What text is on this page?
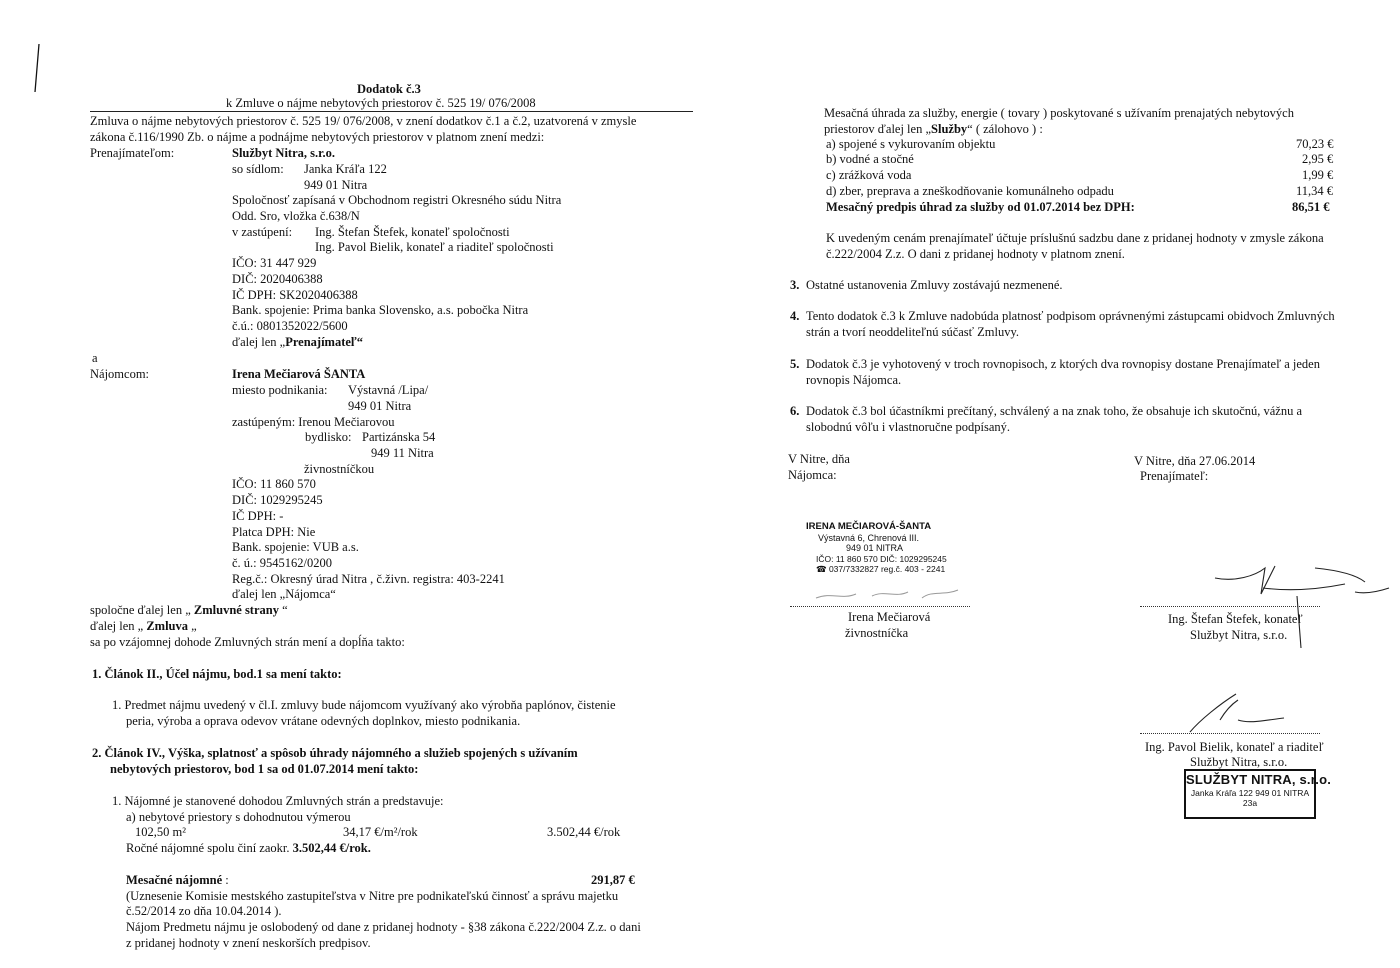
Dodatok č.3
k Zmluve o nájme nebytových priestorov č. 525 19/ 076/2008
Zmluva o nájme nebytových priestorov č. 525 19/ 076/2008, v znení dodatkov č.1 a č.2, uzatvorená v zmysle
zákona č.116/1990 Zb. o nájme a podnájme nebytových priestorov v platnom znení medzi:
Prenajímateľom:	Službyt Nitra, s.r.o.
so sídlom: Janka Kráľa 122
949 01 Nitra
Spoločnosť zapísaná v Obchodnom registri Okresného súdu Nitra
Odd. Sro, vložka č.638/N
v zastúpení: Ing. Štefan Štefek, konateľ spoločnosti
Ing. Pavol Bielik, konateľ a riaditeľ spoločnosti
IČO: 31 447 929
DIČ: 2020406388
IČ DPH: SK2020406388
Bank. spojenie: Prima banka Slovensko, a.s. pobočka Nitra
č.ú.: 0801352022/5600
ďalej len „Prenajímateľ“
a
Nájomcom:	Irena Mečiarová ŠANTA
miesto podnikania: Výstavná /Lipa/
949 01 Nitra
zastúpeným: Irenou Mečiarovou
bydlisko: Partizánska 54
949 11 Nitra
živnostníčkou
IČO: 11 860 570
DIČ: 1029295245
IČ DPH: -
Platca DPH: Nie
Bank. spojenie: VUB a.s.
č. ú.: 9545162/0200
Reg.č.: Okresný úrad Nitra , č.živn. registra: 403-2241
ďalej len „Nájomca“
spoločne ďalej len „ Zmluvné strany “
ďalej len „ Zmluva „
sa po vzájomnej dohode Zmluvných strán mení a dopĺňa takto:
1. Článok II., Účel nájmu, bod.1 sa mení takto:
1. Predmet nájmu uvedený v čl.I. zmluvy bude nájomcom využívaný ako výrobňa paplónov, čistenie
peria, výroba a oprava odevov vrátane odevných doplnkov, miesto podnikania.
2. Článok IV., Výška, splatnosť a spôsob úhrady nájomného a služieb spojených s užívaním
nebytových priestorov, bod 1 sa od 01.07.2014 mení takto:
1. Nájomné je stanovené dohodou Zmluvných strán a predstavuje:
a) nebytové priestory s dohodnutou výmerou
102,50 m²	34,17 €/m²/rok	3.502,44 €/rok
Ročné nájomné spolu činí zaokr. 3.502,44 €/rok.
Mesačné nájomné :	291,87 €
(Uznesenie Komisie mestského zastupiteľstva v Nitre pre podnikateľskú činnosť a správu majetku
č.52/2014 zo dňa 10.04.2014 ).
Nájom Predmetu nájmu je oslobodený od dane z pridanej hodnoty - §38 zákona č.222/2004 Z.z. o dani
z pridanej hodnoty v znení neskorších predpisov.
Mesačná úhrada za služby, energie ( tovary ) poskytované s užívaním prenajatých nebytových
priestorov ďalej len „Služby“ ( zálohovo ) :
a) spojené s vykurovaním objektu	70,23 €
b) vodné a stočné	2,95 €
c) zrážková voda	1,99 €
d) zber, preprava a zneškodňovanie komunálneho odpadu	11,34 €
Mesačný predpis úhrad za služby od 01.07.2014 bez DPH:	86,51 €
K uvedeným cenám prenajímateľ účtuje príslušnú sadzbu dane z pridanej hodnoty v zmysle zákona
č.222/2004 Z.z. O dani z pridanej hodnoty v platnom znení.
3. Ostatné ustanovenia Zmluvy zostávajú nezmenené.
4. Tento dodatok č.3 k Zmluve nadobúda platnosť podpisom oprávnenými zástupcami obidvoch Zmluvných
strán a tvorí neoddeliteľnú súčasť Zmluvy.
5. Dodatok č.3 je vyhotovený v troch rovnopisoch, z ktorých dva rovnopisy dostane Prenajímateľ a jeden
rovnopis Nájomca.
6. Dodatok č.3 bol účastníkmi prečítaný, schválený a na znak toho, že obsahuje ich skutočnú, vážnu a
slobodnú vôľu i vlastnoručne podpísaný.
V Nitre, dňa
Nájomca:
V Nitre, dňa 27.06.2014
Prenajímateľ:
IRENA MEČIAROVÁ-ŠANTA
Výstavná 6, Chrenová III.
949 01 NITRA
IČO: 11 860 570 DIČ: 1029295245
☎ 037/7332827 reg.č. 403 - 2241
Irena Mečiarová
živnostníčka
Ing. Štefan Štefek, konateľ
Službyt Nitra, s.r.o.
Ing. Pavol Bielik, konateľ a riaditeľ
Službyt Nitra, s.r.o.
SLUŽBYT NITRA, s.r.o.
Janka Kráľa 122 949 01 NITRA
23a
